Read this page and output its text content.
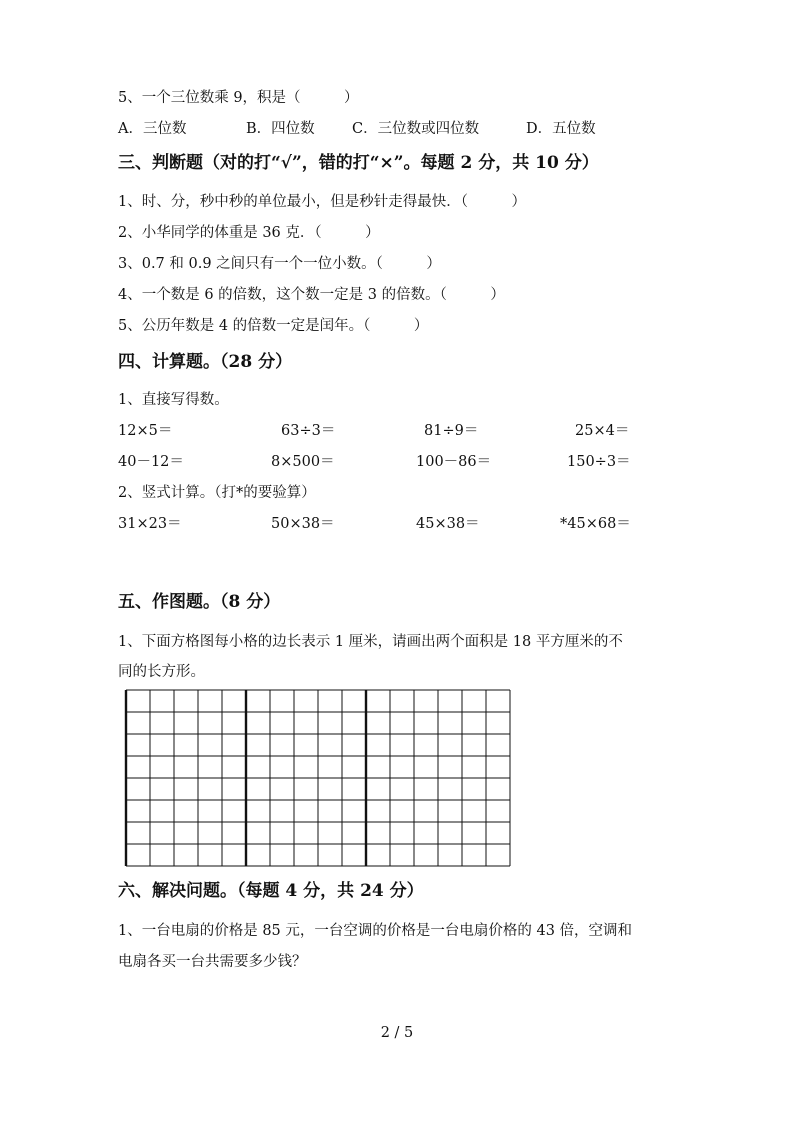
5、一个三位数乘 9，积是（　　　）
A．三位数	B．四位数	C．三位数或四位数	D．五位数
三、判断题（对的打“√”，错的打“×”。每题 2 分，共 10 分）
1、时、分，秒中秒的单位最小，但是秒针走得最快．（　　　）
2、小华同学的体重是 36 克．（　　　）
3、0.7 和 0.9 之间只有一个一位小数。（　　　）
4、一个数是 6 的倍数，这个数一定是 3 的倍数。（　　　）
5、公历年数是 4 的倍数一定是闰年。（　　　）
四、计算题。（28 分）
1、直接写得数。
12×5＝	63÷3＝	81÷9＝	25×4＝
40－12＝	8×500＝	100－86＝	150÷3＝
2、竖式计算。（打*的要验算）
31×23＝	50×38＝	45×38＝	*45×68＝
五、作图题。（8 分）
1、下面方格图每小格的边长表示 1 厘米，请画出两个面积是 18 平方厘米的不
同的长方形。
六、解决问题。（每题 4 分，共 24 分）
1、一台电扇的价格是 85 元，一台空调的价格是一台电扇价格的 43 倍，空调和
电扇各买一台共需要多少钱？
2 / 5
